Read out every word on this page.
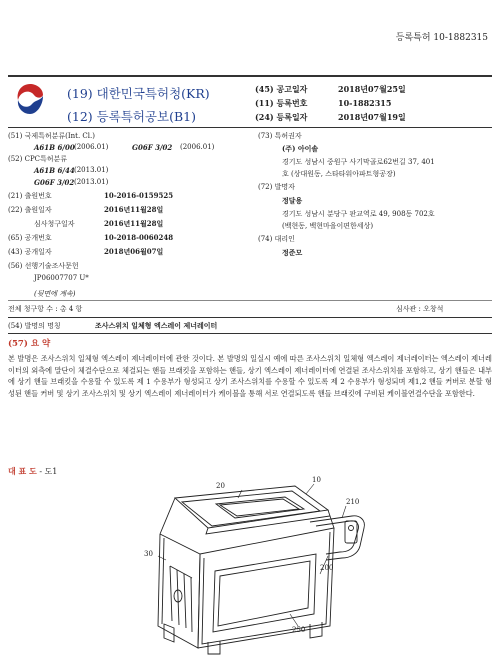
등록특허 10-1882315
(19) 대한민국특허청(KR)
(12) 등록특허공보(B1)
(45) 공고일자	2018년07월25일
(11) 등록번호	10-1882315
(24) 등록일자	2018년07월19일
(51) 국제특허분류(Int. Cl.)
A61B 6/00 (2006.01)	G06F 3/02 (2006.01)
(52) CPC특허분류
A61B 6/44 (2013.01)
G06F 3/02 (2013.01)
(21) 출원번호	10-2016-0159525
(22) 출원일자	2016년11월28일
심사청구일자	2016년11월28일
(65) 공개번호	10-2018-0060248
(43) 공개일자	2018년06월07일
(56) 선행기술조사문헌
JP06007707 U*
(뒷면에 계속)
(73) 특허권자
(주) 아이솔
경기도 성남시 중원구 사기막골로62번길 37, 401
호 (상대원동, 스타타워아파트형공장)
(72) 발명자
정달용
경기도 성남시 분당구 판교역로 49, 908동 702호
(백현동, 백현마을이편한세상)
(74) 대리인
정준모
전체 청구항 수 : 총 4 항	심사관 : 오창석
(54) 발명의 명칭	조사스위치 일체형 엑스레이 제너레이터
(57) 요 약
본 발명은 조사스위치 일체형 엑스레이 제너레이터에 관한 것이다. 본 발명의 일실시 예에 따른 조사스위치 일체형 엑스레이 제너레이터는 엑스레이 제너레이터의 외측에 말단이 체결수단으로 체결되는 핸들 브래킷을 포함하는 핸들, 상기 엑스레이 제너레이터에 연결된 조사스위치를 포함하고, 상기 핸들은 내부에 상기 핸들 브래킷을 수용할 수 있도록 제 1 수용부가 형성되고 상기 조사스위치를 수용할 수 있도록 제 2 수용부가 형성되며 제1,2 핸들 커버로 분할 형성된 핸들 커버 및 상기 조사스위치 및 상기 엑스레이 제너레이터가 케이블을 통해 서로 연결되도록 핸들 브래킷에 구비된 케이블연결수단을 포함한다.
대 표 도 - 도1
20
10
210
30
200
250
